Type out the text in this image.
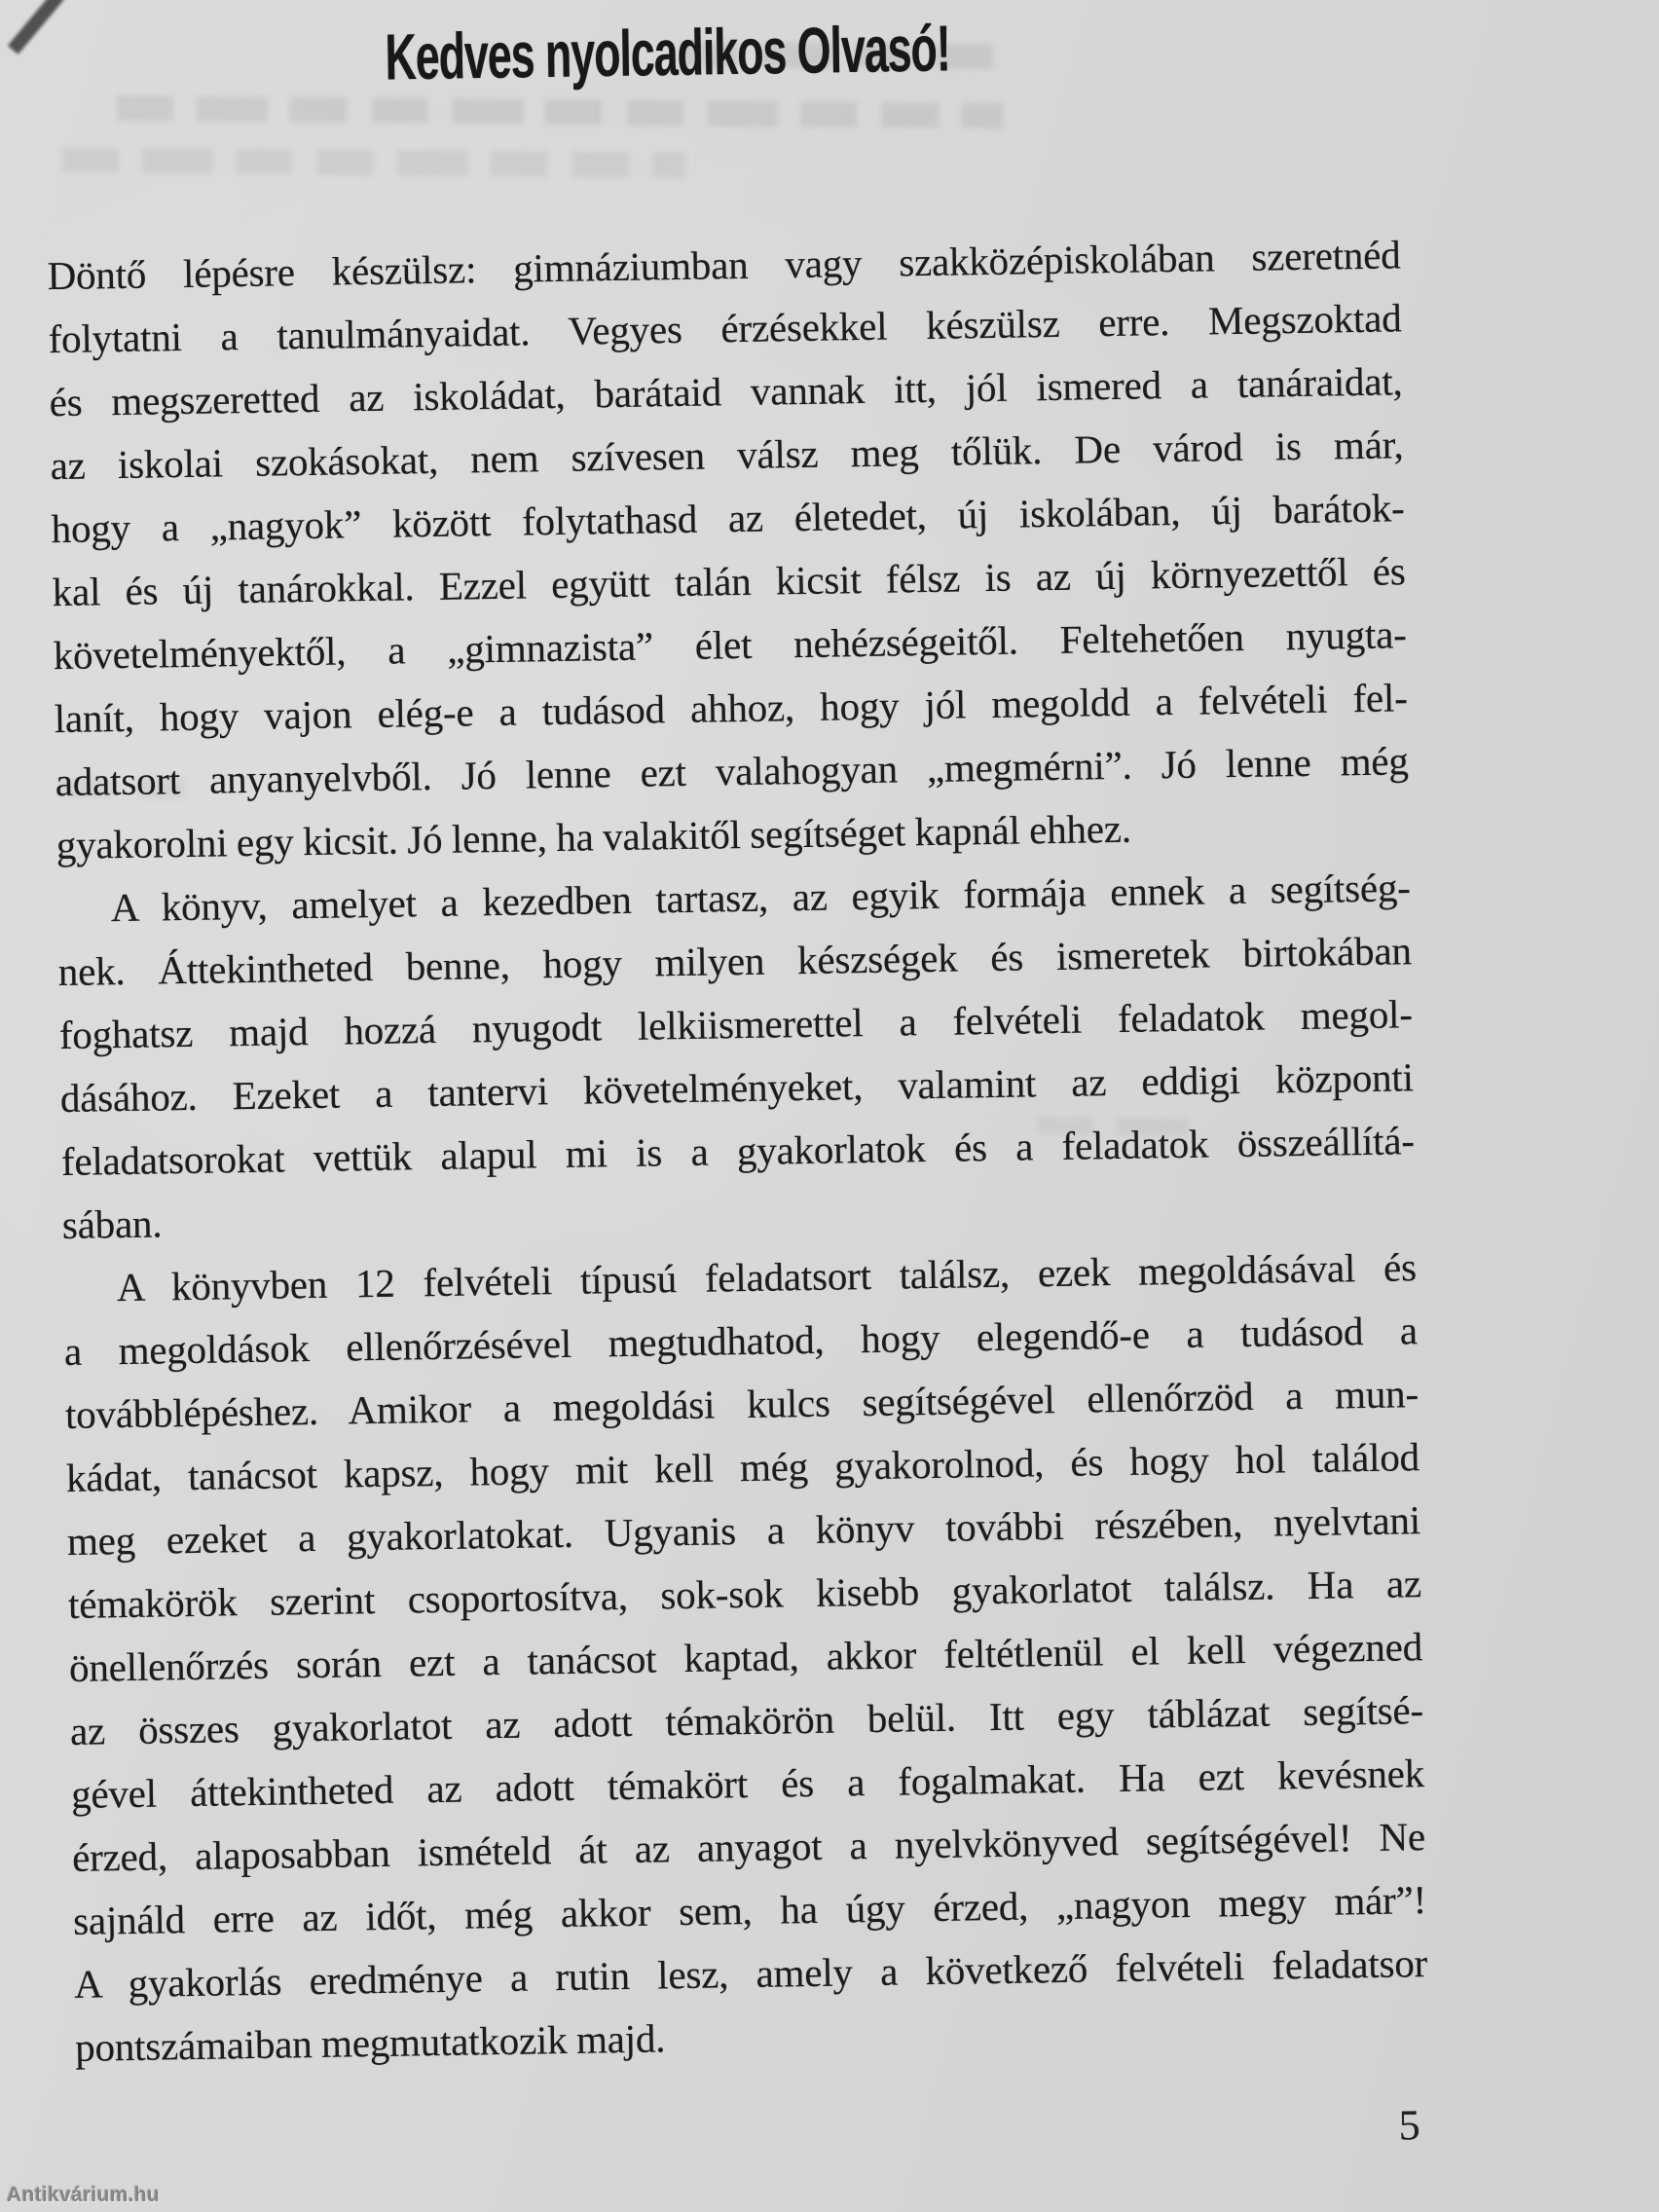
Kedves nyolcadikos Olvasó!
Döntő lépésre készülsz: gimnáziumban vagy szakközépiskolában szeretnéd
folytatni a tanulmányaidat. Vegyes érzésekkel készülsz erre. Megszoktad
és megszeretted az iskoládat, barátaid vannak itt, jól ismered a tanáraidat,
az iskolai szokásokat, nem szívesen válsz meg tőlük. De várod is már,
hogy a „nagyok” között folytathasd az életedet, új iskolában, új barátok-
kal és új tanárokkal. Ezzel együtt talán kicsit félsz is az új környezettől és
követelményektől, a „gimnazista” élet nehézségeitől. Feltehetően nyugta-
lanít, hogy vajon elég-e a tudásod ahhoz, hogy jól megoldd a felvételi fel-
adatsort anyanyelvből. Jó lenne ezt valahogyan „megmérni”. Jó lenne még
gyakorolni egy kicsit. Jó lenne, ha valakitől segítséget kapnál ehhez.
A könyv, amelyet a kezedben tartasz, az egyik formája ennek a segítség-
nek. Áttekintheted benne, hogy milyen készségek és ismeretek birtokában
foghatsz majd hozzá nyugodt lelkiismerettel a felvételi feladatok megol-
dásához. Ezeket a tantervi követelményeket, valamint az eddigi központi
feladatsorokat vettük alapul mi is a gyakorlatok és a feladatok összeállítá-
sában.
A könyvben 12 felvételi típusú feladatsort találsz, ezek megoldásával és
a megoldások ellenőrzésével megtudhatod, hogy elegendő-e a tudásod a
továbblépéshez. Amikor a megoldási kulcs segítségével ellenőrzöd a mun-
kádat, tanácsot kapsz, hogy mit kell még gyakorolnod, és hogy hol találod
meg ezeket a gyakorlatokat. Ugyanis a könyv további részében, nyelvtani
témakörök szerint csoportosítva, sok-sok kisebb gyakorlatot találsz. Ha az
önellenőrzés során ezt a tanácsot kaptad, akkor feltétlenül el kell végezned
az összes gyakorlatot az adott témakörön belül. Itt egy táblázat segítsé-
gével áttekintheted az adott témakört és a fogalmakat. Ha ezt kevésnek
érzed, alaposabban ismételd át az anyagot a nyelvkönyved segítségével! Ne
sajnáld erre az időt, még akkor sem, ha úgy érzed, „nagyon megy már”!
A gyakorlás eredménye a rutin lesz, amely a következő felvételi feladatsor
pontszámaiban megmutatkozik majd.
5
Antikvárium.hu
